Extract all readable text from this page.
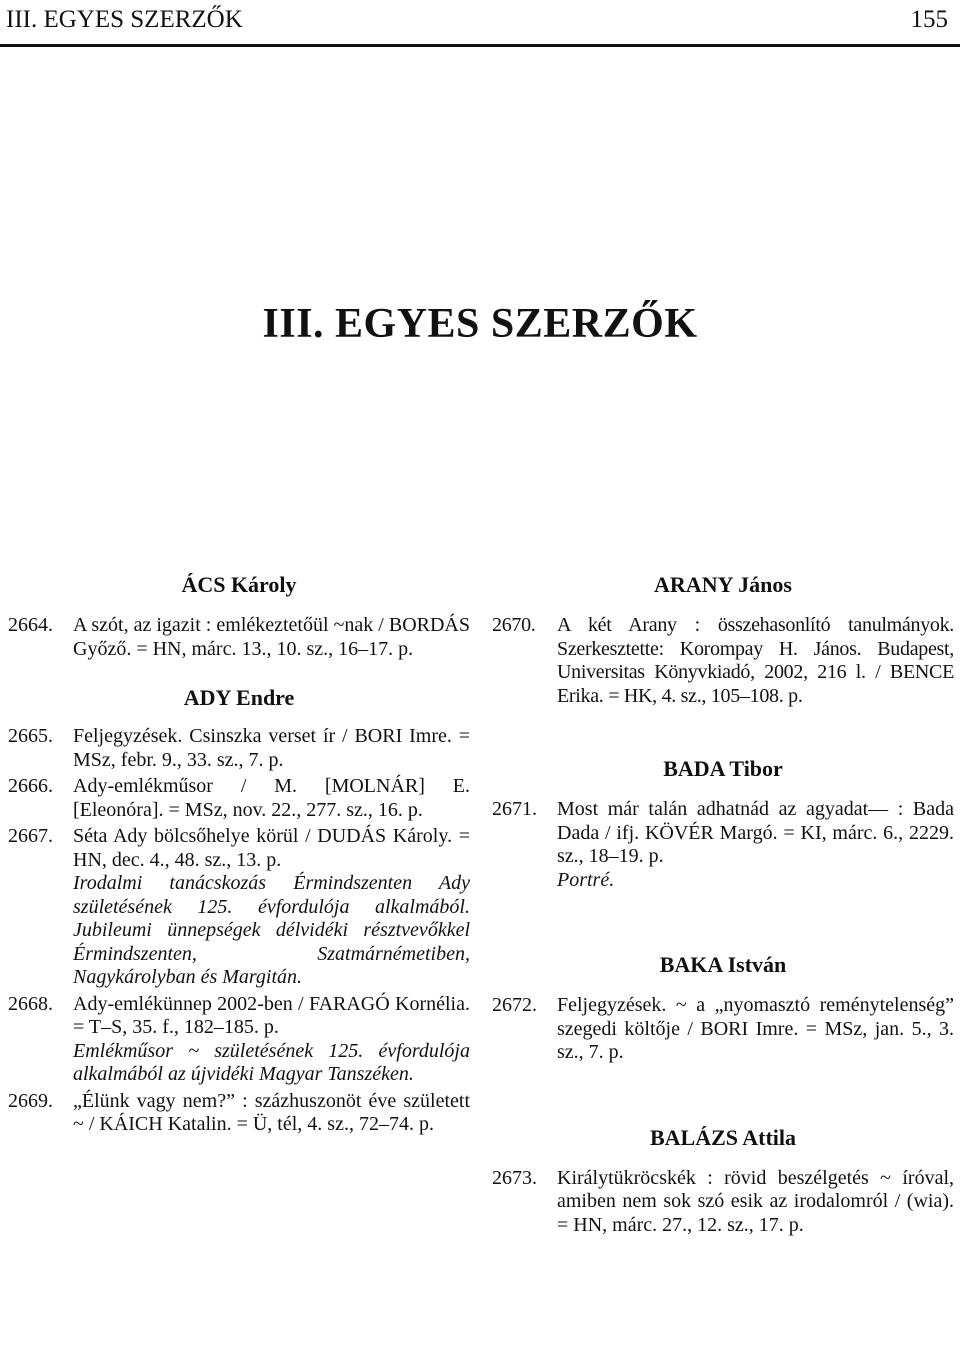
III. EGYES SZERZŐK	155
III. EGYES SZERZŐK
ÁCS Károly
2664. A szót, az igazit : emlékeztetőül ~nak / BORDÁS Győző. = HN, márc. 13., 10. sz., 16–17. p.
ADY Endre
2665. Feljegyzések. Csinszka verset ír / BORI Imre. = MSz, febr. 9., 33. sz., 7. p.
2666. Ady-emlékműsor / M. [MOLNÁR] E. [Eleonóra]. = MSz, nov. 22., 277. sz., 16. p.
2667. Séta Ady bölcsőhelye körül / DUDÁS Károly. = HN, dec. 4., 48. sz., 13. p.
Irodalmi tanácskozás Érmindszenten Ady születésének 125. évfordulója alkalmából. Jubileumi ünnepségek délvidéki résztvevőkkel Érmindszenten, Szatmárnémetiben, Nagykárolyban és Margitán.
2668. Ady-emlékünnep 2002-ben / FARAGÓ Kornélia. = T–S, 35. f., 182–185. p.
Emlékműsor ~ születésének 125. évfordulója alkalmából az újvidéki Magyar Tanszéken.
2669. „Élünk vagy nem?” : százhuszonöt éve született ~ / KÁICH Katalin. = Ü, tél, 4. sz., 72–74. p.
ARANY János
2670. A két Arany : összehasonlító tanulmányok. Szerkesztette: Korompay H. János. Budapest, Universitas Könyvkiadó, 2002, 216 l. / BENCE Erika. = HK, 4. sz., 105–108. p.
BADA Tibor
2671. Most már talán adhatnád az agyadat— : Bada Dada / ifj. KÖVÉR Margó. = KI, márc. 6., 2229. sz., 18–19. p.
Portré.
BAKA István
2672. Feljegyzések. ~ a „nyomasztó reménytelenség” szegedi költője / BORI Imre. = MSz, jan. 5., 3. sz., 7. p.
BALÁZS Attila
2673. Királytükröcskék : rövid beszélgetés ~ íróval, amiben nem sok szó esik az irodalomról / (wia). = HN, márc. 27., 12. sz., 17. p.
